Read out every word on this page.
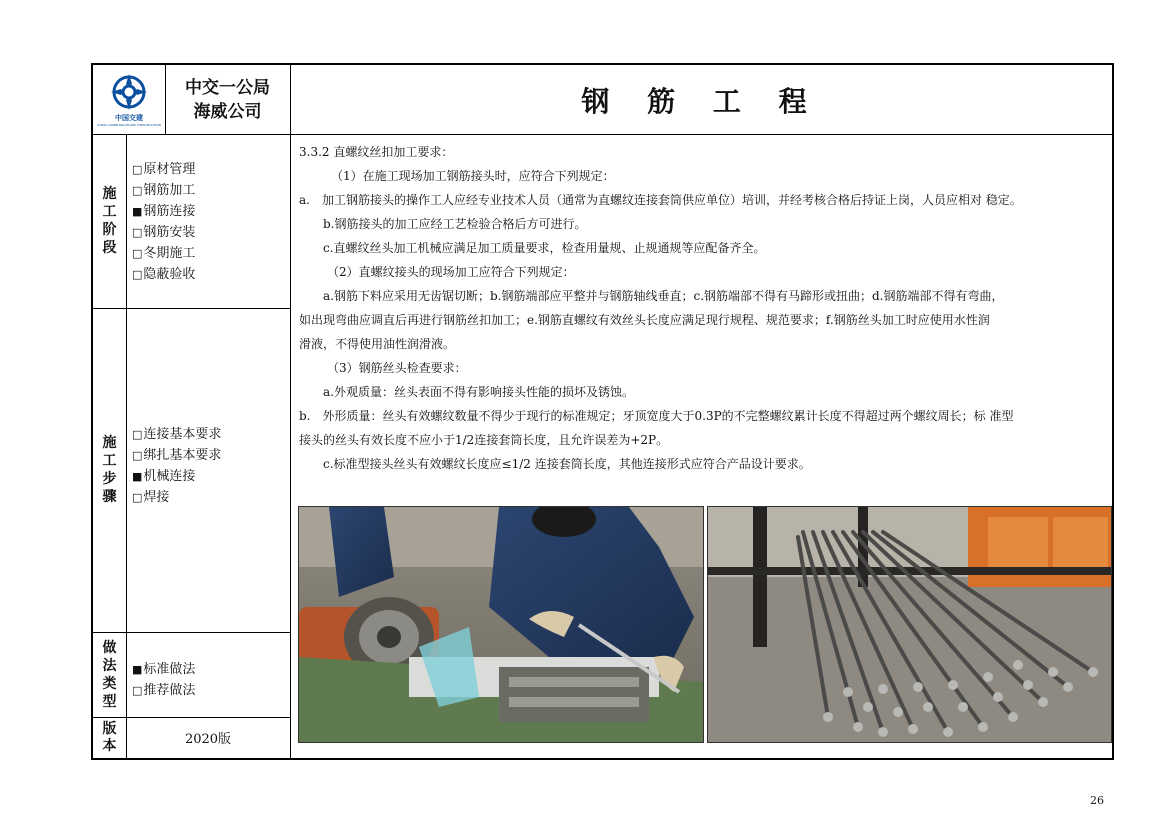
中国交建
CHINA COMMUNICATIONS CONSTRUCTION
中交一公局
海威公司	钢 筋 工 程
施
工
阶
段
□原材管理
□钢筋加工
■钢筋连接
□钢筋安装
□冬期施工
□隐蔽验收
施
工
步
骤
□连接基本要求
□绑扎基本要求
■机械连接
□焊接
做
法
类
型
■标准做法
□推荐做法
版
本	2020版

3.3.2 直螺纹丝扣加工要求：

（1）在施工现场加工钢筋接头时，应符合下列规定：

a.　加工钢筋接头的操作工人应经专业技术人员（通常为直螺纹连接套筒供应单位）培训，并经考核合格后持证上岗，人员应相对 稳定。

b.钢筋接头的加工应经工艺检验合格后方可进行。

c.直螺纹丝头加工机械应满足加工质量要求，检查用量规、止规通规等应配备齐全。

（2）直螺纹接头的现场加工应符合下列规定：

a.钢筋下料应采用无齿锯切断；b.钢筋端部应平整并与钢筋轴线垂直；c.钢筋端部不得有马蹄形或扭曲；d.钢筋端部不得有弯曲，

如出现弯曲应调直后再进行钢筋丝扣加工；e.钢筋直螺纹有效丝头长度应满足现行规程、规范要求；f.钢筋丝头加工时应使用水性润

滑液，不得使用油性润滑液。

（3）钢筋丝头检查要求：

a.外观质量：丝头表面不得有影响接头性能的损坏及锈蚀。

b.　外形质量：丝头有效螺纹数量不得少于现行的标准规定；牙顶宽度大于0.3P的不完整螺纹累计长度不得超过两个螺纹周长；标 准型

接头的丝头有效长度不应小于1/2连接套筒长度，且允许误差为+2P。

c.标准型接头丝头有效螺纹长度应≤1/2 连接套筒长度，其他连接形式应符合产品设计要求。

26
